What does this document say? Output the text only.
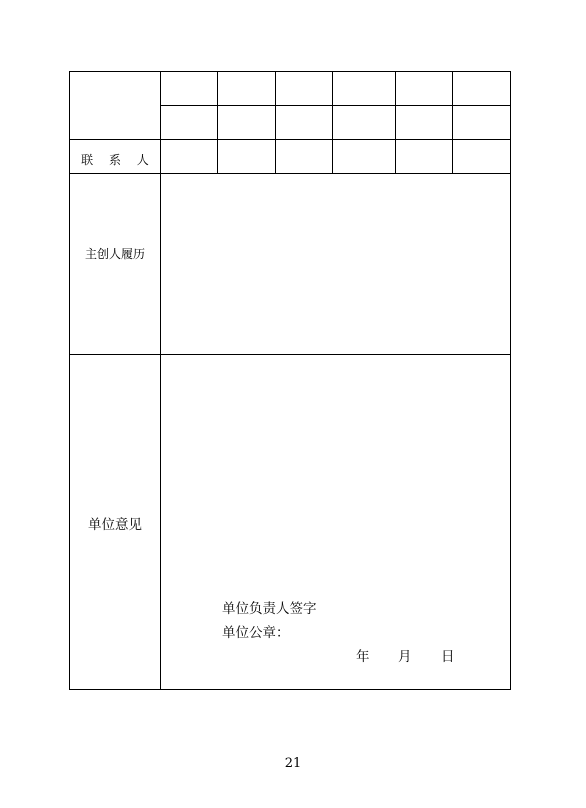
联 系 人
主创人履历
单位意见
单位负责人签字
单位公章：
年 月 日
21
